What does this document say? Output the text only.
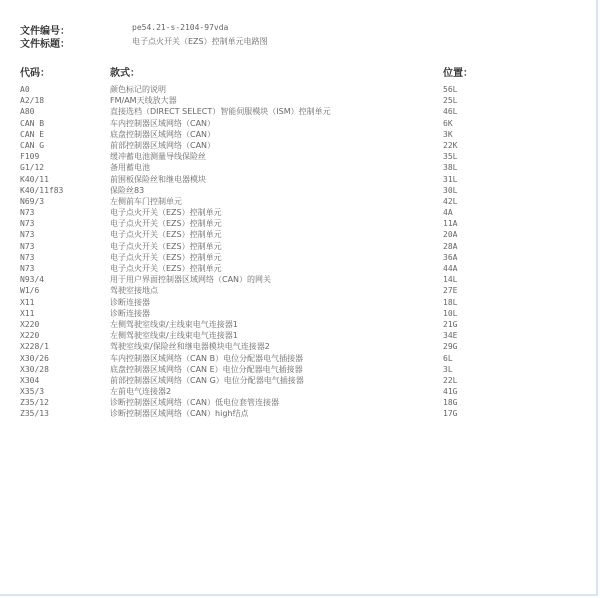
文件编号：	pe54.21-s-2104-97vda
文件标题：	电子点火开关（EZS）控制单元电路图
代码：	款式：	位置：
A0	颜色标记的说明	56L
A2/18	FM/AM天线放大器	25L
A80	直接选档（DIRECT SELECT）智能伺服模块（ISM）控制单元	46L
CAN B	车内控制器区域网络（CAN）	6K
CAN E	底盘控制器区域网络（CAN）	3K
CAN G	前部控制器区域网络（CAN）	22K
F109	缓冲蓄电池测量导线保险丝	35L
G1/12	备用蓄电池	38L
K40/11	前围板保险丝和继电器模块	31L
K40/11f83	保险丝83	30L
N69/3	左侧前车门控制单元	42L
N73	电子点火开关（EZS）控制单元	4A
N73	电子点火开关（EZS）控制单元	11A
N73	电子点火开关（EZS）控制单元	20A
N73	电子点火开关（EZS）控制单元	28A
N73	电子点火开关（EZS）控制单元	36A
N73	电子点火开关（EZS）控制单元	44A
N93/4	用于用户界面控制器区域网络（CAN）的网关	14L
W1/6	驾驶室接地点	27E
X11	诊断连接器	18L
X11	诊断连接器	10L
X220	左侧驾驶室线束/主线束电气连接器1	21G
X220	左侧驾驶室线束/主线束电气连接器1	34E
X228/1	驾驶室线束/保险丝和继电器模块电气连接器2	29G
X30/26	车内控制器区域网络（CAN B）电位分配器电气插接器	6L
X30/28	底盘控制器区域网络（CAN E）电位分配器电气插接器	3L
X304	前部控制器区域网络（CAN G）电位分配器电气插接器	22L
X35/3	左前电气连接器2	41G
Z35/12	诊断控制器区域网络（CAN）低电位套管连接器	18G
Z35/13	诊断控制器区域网络（CAN）high结点	17G
